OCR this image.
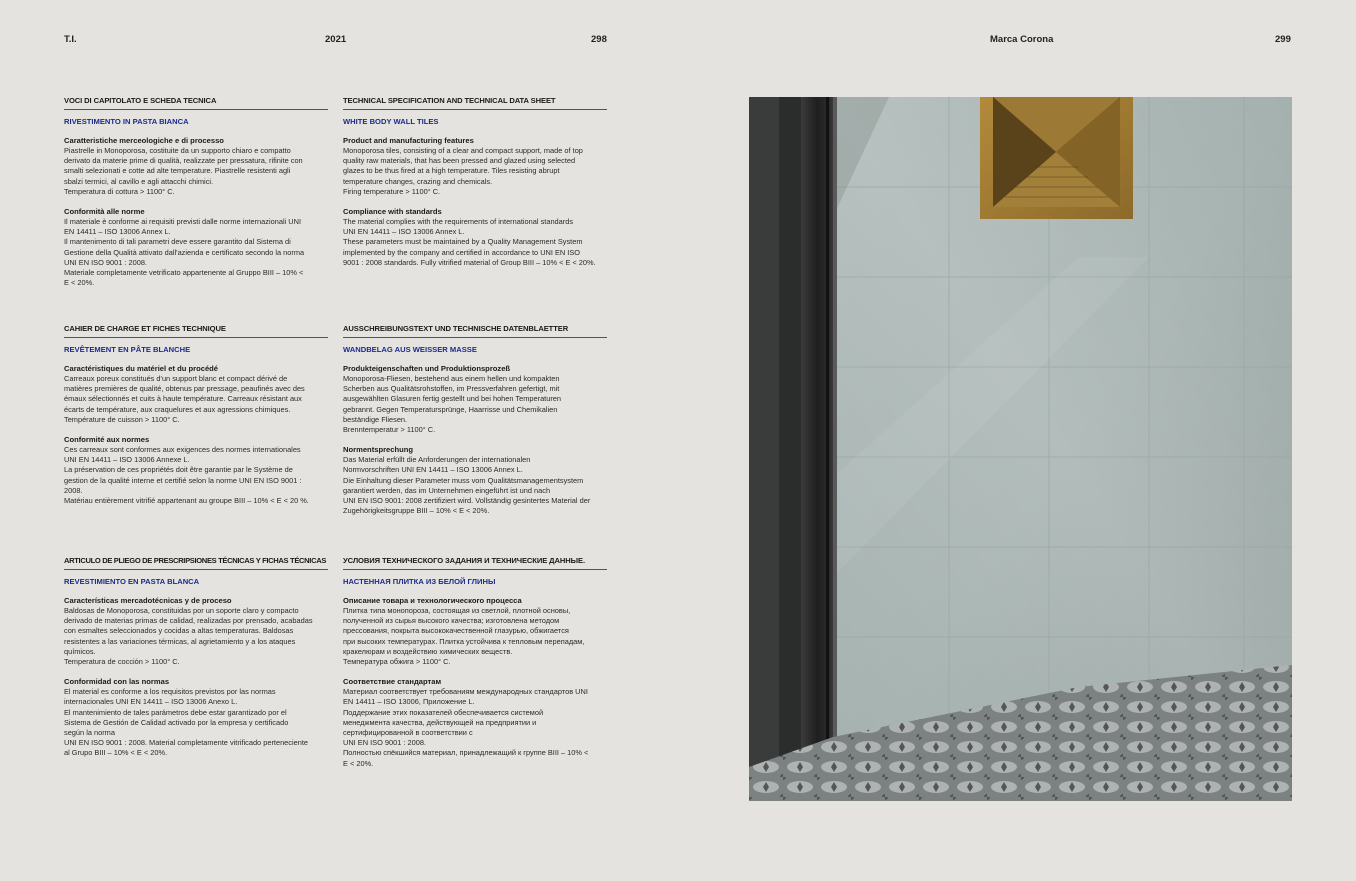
T.I.	2021	298	Marca Corona	299
VOCI DI CAPITOLATO E SCHEDA TECNICA
RIVESTIMENTO IN PASTA BIANCA
Caratteristiche merceologiche e di processo
Piastrelle in Monoporosa, costituite da un supporto chiaro e compatto
derivato da materie prime di qualità, realizzate per pressatura, rifinite con
smalti selezionati e cotte ad alte temperature. Piastrelle resistenti agli
sbalzi termici, al cavillo e agli attacchi chimici.
Temperatura di cottura > 1100° C.
Conformità alle norme
Il materiale è conforme ai requisiti previsti dalle norme internazionali UNI
EN 14411 – ISO 13006 Annex L.
Il mantenimento di tali parametri deve essere garantito dal Sistema di
Gestione della Qualità attivato dall'azienda e certificato secondo la norma
UNI EN ISO 9001 : 2008.
Materiale completamente vetrificato appartenente al Gruppo BIII – 10% <
E < 20%.
TECHNICAL SPECIFICATION AND TECHNICAL DATA SHEET
WHITE BODY WALL TILES
Product and manufacturing features
Monoporosa tiles, consisting of a clear and compact support, made of top
quality raw materials, that has been pressed and glazed using selected
glazes to be thus fired at a high temperature. Tiles resisting abrupt
temperature changes, crazing and chemicals.
Firing temperature > 1100° C.
Compliance with standards
The material complies with the requirements of international standards
UNI EN 14411 – ISO 13006 Annex L.
These parameters must be maintained by a Quality Management System
implemented by the company and certified in accordance to UNI EN ISO
9001 : 2008 standards. Fully vitrified material of Group BIII – 10% < E < 20%.
CAHIER DE CHARGE ET FICHES TECHNIQUE
REVÊTEMENT EN PÂTE BLANCHE
Caractéristiques du matériel et du procédé
Carreaux poreux constitués d'un support blanc et compact dérivé de
matières premières de qualité, obtenus par pressage, peaufinés avec des
émaux sélectionnés et cuits à haute température. Carreaux résistant aux
écarts de température, aux craquelures et aux agressions chimiques.
Température de cuisson > 1100° C.
Conformité aux normes
Ces carreaux sont conformes aux exigences des normes internationales
UNI EN 14411 – ISO 13006 Annexe L.
La préservation de ces propriétés doit être garantie par le Système de
gestion de la qualité interne et certifié selon la norme UNI EN ISO 9001 :
2008.
Matériau entièrement vitrifié appartenant au groupe BIII – 10% < E < 20 %.
AUSSCHREIBUNGSTEXT UND TECHNISCHE DATENBLAETTER
WANDBELAG AUS WEISSER MASSE
Produkteigenschaften und Produktionsprozeß
Monoporosa-Fliesen, bestehend aus einem hellen und kompakten
Scherben aus Qualitätsrohstoffen, im Pressverfahren gefertigt, mit
ausgewählten Glasuren fertig gestellt und bei hohen Temperaturen
gebrannt. Gegen Temperatursprünge, Haarrisse und Chemikalien
beständige Fliesen.
Brenntemperatur > 1100° C.
Normentsprechung
Das Material erfüllt die Anforderungen der internationalen
Normvorschriften UNI EN 14411 – ISO 13006 Annex L.
Die Einhaltung dieser Parameter muss vom Qualitätsmanagementsystem
garantiert werden, das im Unternehmen eingeführt ist und nach
UNI EN ISO 9001: 2008 zertifiziert wird. Vollständig gesintertes Material der
Zugehörigkeitsgruppe BIII – 10% < E < 20%.
ARTICULO DE PLIEGO DE PRESCRIPSIONES TÉCNICAS Y FICHAS TÉCNICAS
REVESTIMIENTO EN PASTA BLANCA
Características mercadotécnicas y de proceso
Baldosas de Monoporosa, constituidas por un soporte claro y compacto
derivado de materias primas de calidad, realizadas por prensado, acabadas
con esmaltes seleccionados y cocidas a altas temperaturas. Baldosas
resistentes a las variaciones térmicas, al agrietamiento y a los ataques
químicos.
Temperatura de cocción > 1100° C.
Conformidad con las normas
El material es conforme a los requisitos previstos por las normas
internacionales UNI EN 14411 – ISO 13006 Anexo L.
El mantenimiento de tales parámetros debe estar garantizado por el
Sistema de Gestión de Calidad activado por la empresa y certificado
según la norma
UNI EN ISO 9001 : 2008. Material completamente vitrificado perteneciente
al Grupo BIII – 10% < E < 20%.
УСЛОВИЯ ТЕХНИЧЕСКОГО ЗАДАНИЯ И ТЕХНИЧЕСКИЕ ДАННЫЕ.
НАСТЕННАЯ ПЛИТКА ИЗ БЕЛОЙ ГЛИНЫ
Описание товара и технологического процесса
Плитка типа монопороза, состоящая из светлой, плотной основы,
полученной из сырья высокого качества; изготовлена методом
прессования, покрыта высококачественной глазурью, обжигается
при высоких температурах. Плитка устойчива к тепловым перепадам,
кракелюрам и воздействию химических веществ.
Температура обжига > 1100° C.
Соответствие стандартам
Материал соответствует требованиям международных стандартов UNI
EN 14411 – ISO 13006, Приложение L.
Поддержание этих показателей обеспечивается системой
менеджмента качества, действующей на предприятии и
сертифицированной в соответствии с
UNI EN ISO 9001 : 2008.
Полностью спёкшийся материал, принадлежащий к группе BIII – 10% <
E < 20%.
